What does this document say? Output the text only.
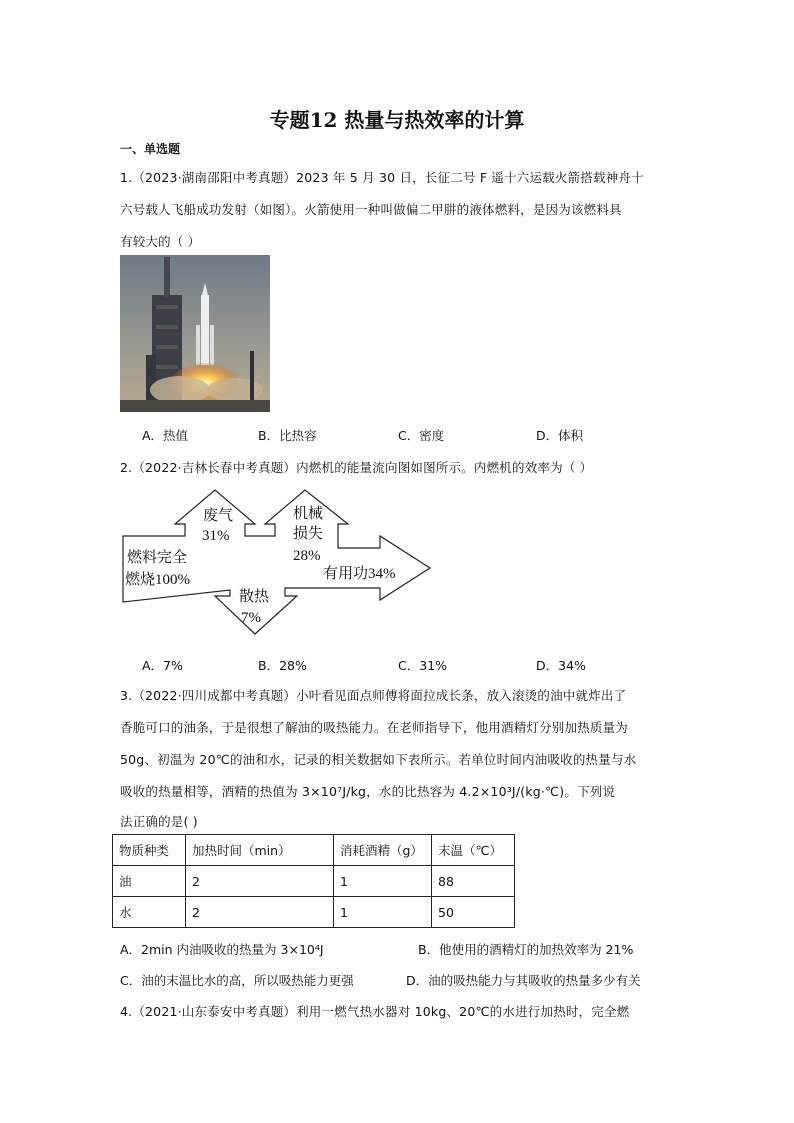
专题12 热量与热效率的计算
一、单选题
1.（2023·湖南邵阳中考真题）2023 年 5 月 30 日，长征二号 F 遥十六运载火箭搭载神舟十
六号载人飞船成功发射（如图）。火箭使用一种叫做偏二甲肼的液体燃料，是因为该燃料具
有较大的（ ）
A．热值	B．比热容	C．密度	D．体积
2.（2022·吉林长春中考真题）内燃机的能量流向图如图所示。内燃机的效率为（ ）
燃料完全
燃烧100%
废气
31%
机械
损失
28%
有用功34%
散热
7%
A．7%	B．28%	C．31%	D．34%
3.（2022·四川成都中考真题）小叶看见面点师傅将面拉成长条，放入滚烫的油中就炸出了
香脆可口的油条，于是很想了解油的吸热能力。在老师指导下，他用酒精灯分别加热质量为
50g、初温为 20℃的油和水，记录的相关数据如下表所示。若单位时间内油吸收的热量与水
吸收的热量相等，酒精的热值为 3×10⁷J/kg，水的比热容为 4.2×10³J/(kg·℃)。下列说
法正确的是( )
物质种类	加热时间（min）	消耗酒精（g）	末温（℃）
油	2	1	88
水	2	1	50
A．2min 内油吸收的热量为 3×10⁴J	B．他使用的酒精灯的加热效率为 21%
C．油的末温比水的高，所以吸热能力更强	D．油的吸热能力与其吸收的热量多少有关
4.（2021·山东泰安中考真题）利用一燃气热水器对 10kg、20℃的水进行加热时，完全燃
